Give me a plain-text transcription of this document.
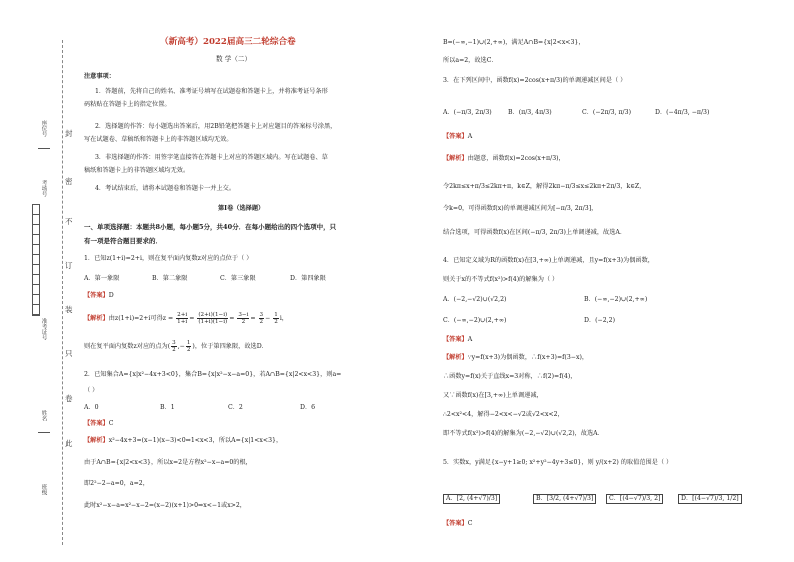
封
密
不
订
装
只
卷
此
座位号
考场号
准考证号
姓名
班级
（新高考）2022届高三二轮综合卷
数 学（二）
注意事项：
1．答题前，先将自己的姓名、准考证号填写在试题卷和答题卡上，并将准考证号条形
码粘贴在答题卡上的指定位置。
2．选择题的作答：每小题选出答案后，用2B铅笔把答题卡上对应题目的答案标号涂黑，
写在试题卷、草稿纸和答题卡上的非答题区域均无效。
3．非选择题的作答：用签字笔直接答在答题卡上对应的答题区域内。写在试题卷、草
稿纸和答题卡上的非答题区域均无效。
4．考试结束后，请将本试题卷和答题卡一并上交。
第Ⅰ卷（选择题）
一、单项选择题：本题共8小题，每小题5分，共40分．在每小题给出的四个选项中，只
有一项是符合题目要求的．
1．已知z(1+i)=2+i，则在复平面内复数z对应的点位于（ ）
A．第一象限	B．第二象限	C．第三象限	D．第四象限
【答案】D
【解析】由z(1+i)=2+i可得$z = \frac{2+i}{1+i} = \frac{(2+i)(1-i)}{(1+i)(1-i)} = \frac{3-i}{2} = \frac{3}{2} - \frac{1}{2}$ i，
则在复平面内复数z对应的点为( $\frac{3}{2}$ ,− $\frac{1}{2}$ )，位于第四象限，故选D．
2．已知集合A={x|x²−4x+3<0}，集合B={x|x²−x−a=0}，若A∩B={x|2<x<3}，则a=
（ ）
A．0	B．1	C．2	D．6
【答案】C
【解析】x²−4x+3=(x−1)(x−3)<0⇒1<x<3，所以A={x|1<x<3}，
由于A∩B={x|2<x<3}，所以x=2是方程x²−x−a=0的根，
即2²−2−a=0，a=2，
此时x²−x−a=x²−x−2=(x−2)(x+1)>0⇒x<−1或x>2，
B=(−∞,−1)∪(2,+∞)，满足A∩B={x|2<x<3}，
所以a=2，故选C．
3．在下列区间中，函数f(x)=2cos(x+π/3)的单调递减区间是（ ）
A．(−π/3, 2π/3)	B．(π/3, 4π/3)	C．(−2π/3, π/3)	D．(−4π/3, −π/3)
【答案】A
【解析】由题意，函数f(x)=2cos(x+π/3)，
令2kπ≤x+π/3≤2kπ+π，k∈Z，解得2kπ−π/3≤x≤2kπ+2π/3，k∈Z，
令k=0，可得函数f(x)的单调递减区间为[−π/3, 2π/3]，
结合选项，可得函数f(x)在区间(−π/3, 2π/3)上单调递减，故选A．
4．已知定义域为R的函数f(x)在[3,+∞)上单调递减，且y=f(x+3)为偶函数，
则关于x的不等式f(x²)>f(4)的解集为（ ）
A．(−2,−√2)∪(√2,2)	B．(−∞,−2)∪(2,+∞)
C．(−∞,−2)∪(2,+∞)	D．(−2,2)
【答案】A
【解析】∵y=f(x+3)为偶函数，∴f(x+3)=f(3−x)，
∴函数y=f(x)关于直线x=3对称，∴f(2)=f(4)，
又∵函数f(x)在[3,+∞)上单调递减，
∴2<x²<4，解得−2<x<−√2或√2<x<2，
即不等式f(x²)>f(4)的解集为(−2,−√2)∪(√2,2)，故选A．
5．实数x，y满足{x−y+1≥0; x²+y²−4y+3≤0}，则 y/(x+2) 的取值范围是（ ）
A．[2, (4+√7)/3]	B．[3/2, (4+√7)/3]	C．[(4−√7)/3, 2]	D．[(4−√7)/3, 1/2]
【答案】C
